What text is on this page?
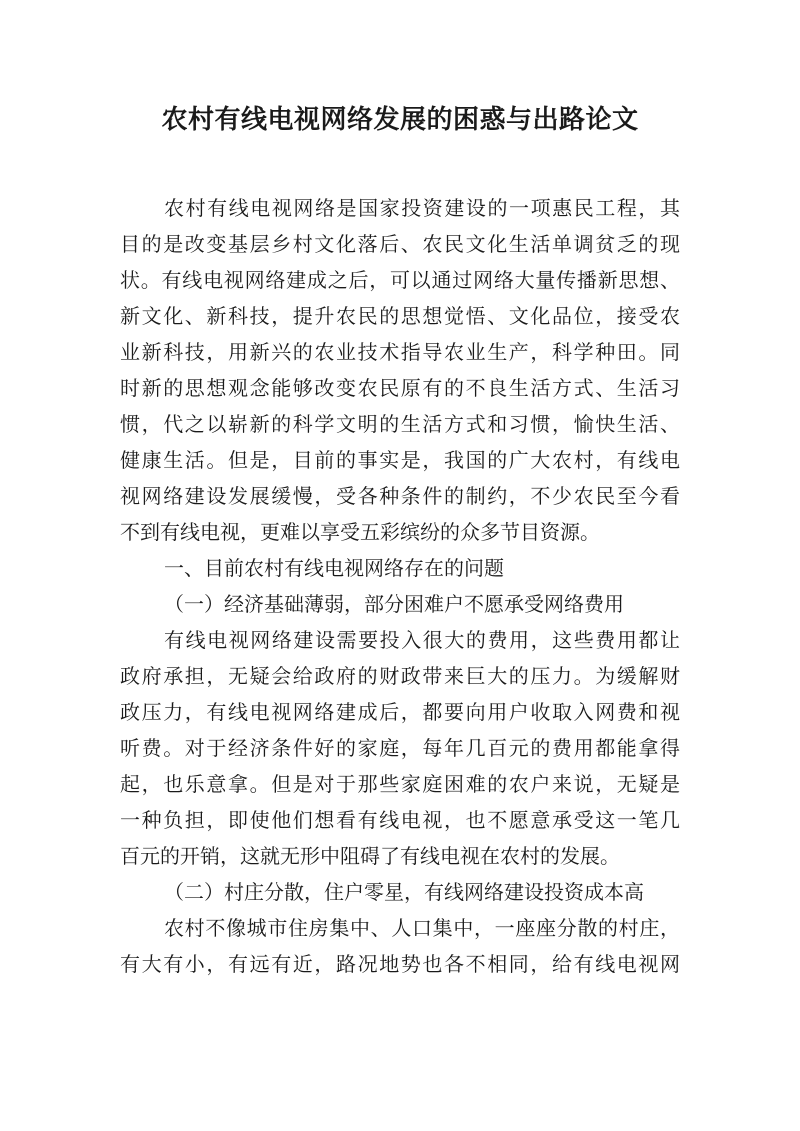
农村有线电视网络发展的困惑与出路论文
农村有线电视网络是国家投资建设的一项惠民工程，其
目的是改变基层乡村文化落后、农民文化生活单调贫乏的现
状。有线电视网络建成之后，可以通过网络大量传播新思想、
新文化、新科技，提升农民的思想觉悟、文化品位，接受农
业新科技，用新兴的农业技术指导农业生产，科学种田。同
时新的思想观念能够改变农民原有的不良生活方式、生活习
惯，代之以崭新的科学文明的生活方式和习惯，愉快生活、
健康生活。但是，目前的事实是，我国的广大农村，有线电
视网络建设发展缓慢，受各种条件的制约，不少农民至今看
不到有线电视，更难以享受五彩缤纷的众多节目资源。
一、目前农村有线电视网络存在的问题
（一）经济基础薄弱，部分困难户不愿承受网络费用
有线电视网络建设需要投入很大的费用，这些费用都让
政府承担，无疑会给政府的财政带来巨大的压力。为缓解财
政压力，有线电视网络建成后，都要向用户收取入网费和视
听费。对于经济条件好的家庭，每年几百元的费用都能拿得
起，也乐意拿。但是对于那些家庭困难的农户来说，无疑是
一种负担，即使他们想看有线电视，也不愿意承受这一笔几
百元的开销，这就无形中阻碍了有线电视在农村的发展。
（二）村庄分散，住户零星，有线网络建设投资成本高
农村不像城市住房集中、人口集中，一座座分散的村庄，
有大有小，有远有近，路况地势也各不相同，给有线电视网
